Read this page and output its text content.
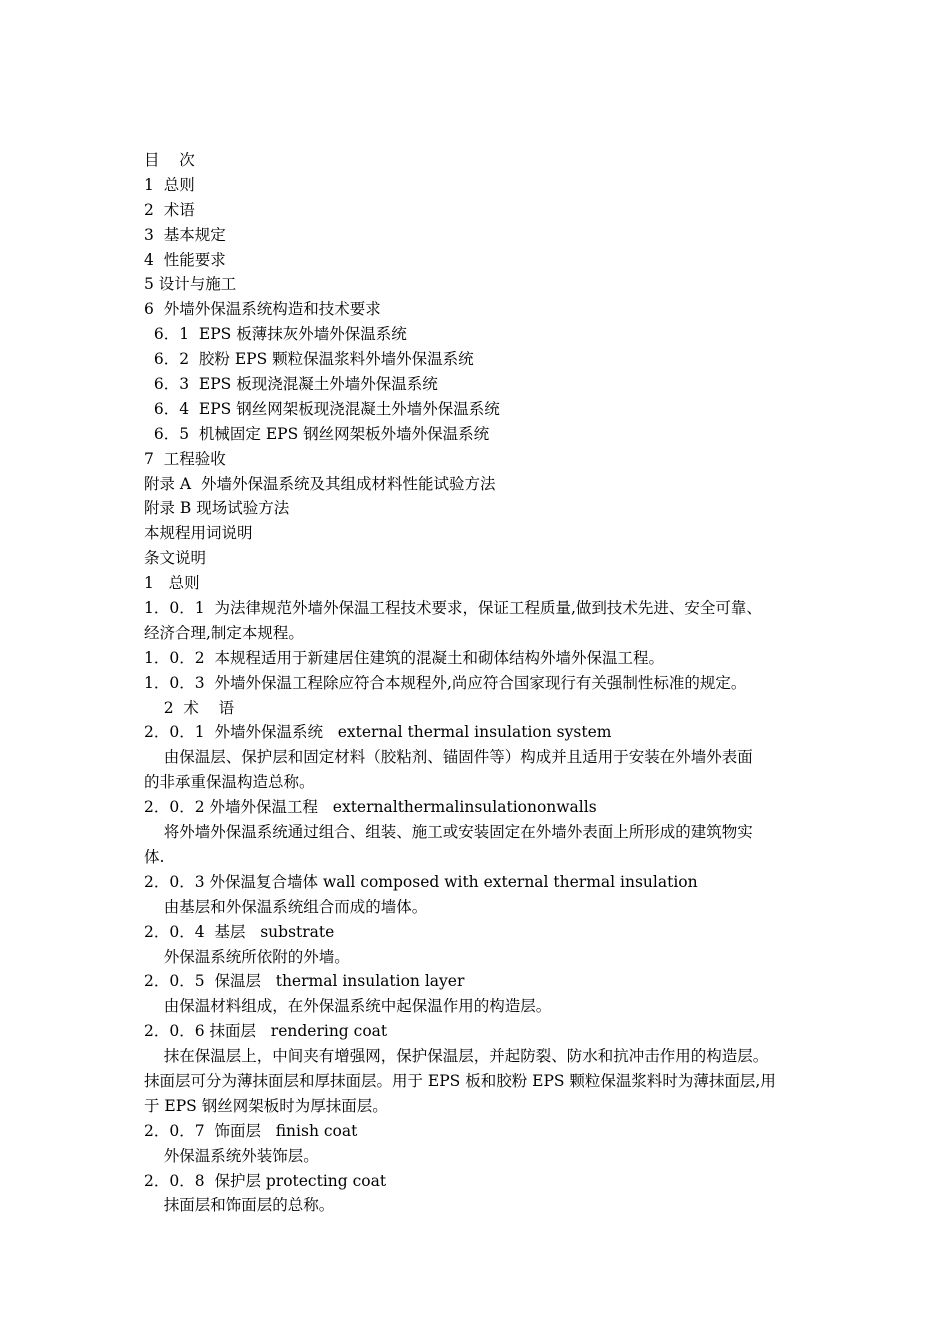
目    次
1  总则
2  术语
3  基本规定
4  性能要求
5 设计与施工
6  外墙外保温系统构造和技术要求
6．1  EPS 板薄抹灰外墙外保温系统
6．2  胶粉 EPS 颗粒保温浆料外墙外保温系统
6．3  EPS 板现浇混凝土外墙外保温系统
6．4  EPS 钢丝网架板现浇混凝土外墙外保温系统
6．5  机械固定 EPS 钢丝网架板外墙外保温系统
7  工程验收
附录 A  外墙外保温系统及其组成材料性能试验方法
附录 B 现场试验方法
本规程用词说明
条文说明
1   总则
1．0．1  为法律规范外墙外保温工程技术要求，保证工程质量,做到技术先进、安全可靠、
经济合理,制定本规程。
1．0．2  本规程适用于新建居住建筑的混凝土和砌体结构外墙外保温工程。
1．0．3  外墙外保温工程除应符合本规程外,尚应符合国家现行有关强制性标准的规定。
2  术    语
2．0．1  外墙外保温系统   external thermal insulation system
由保温层、保护层和固定材料（胶粘剂、锚固件等）构成并且适用于安装在外墙外表面
的非承重保温构造总称。
2．0．2 外墙外保温工程   externalthermalinsulationonwalls
将外墙外保温系统通过组合、组装、施工或安装固定在外墙外表面上所形成的建筑物实
体.
2．0．3 外保温复合墙体 wall composed with external thermal insulation
由基层和外保温系统组合而成的墙体。
2．0．4  基层   substrate
外保温系统所依附的外墙。
2．0．5  保温层   thermal insulation layer
由保温材料组成，在外保温系统中起保温作用的构造层。
2．0．6 抹面层   rendering coat
抹在保温层上，中间夹有增强网，保护保温层，并起防裂、防水和抗冲击作用的构造层。
抹面层可分为薄抹面层和厚抹面层。用于 EPS 板和胶粉 EPS 颗粒保温浆料时为薄抹面层,用
于 EPS 钢丝网架板时为厚抹面层。
2．0．7  饰面层   finish coat
外保温系统外装饰层。
2．0．8  保护层 protecting coat
抹面层和饰面层的总称。
